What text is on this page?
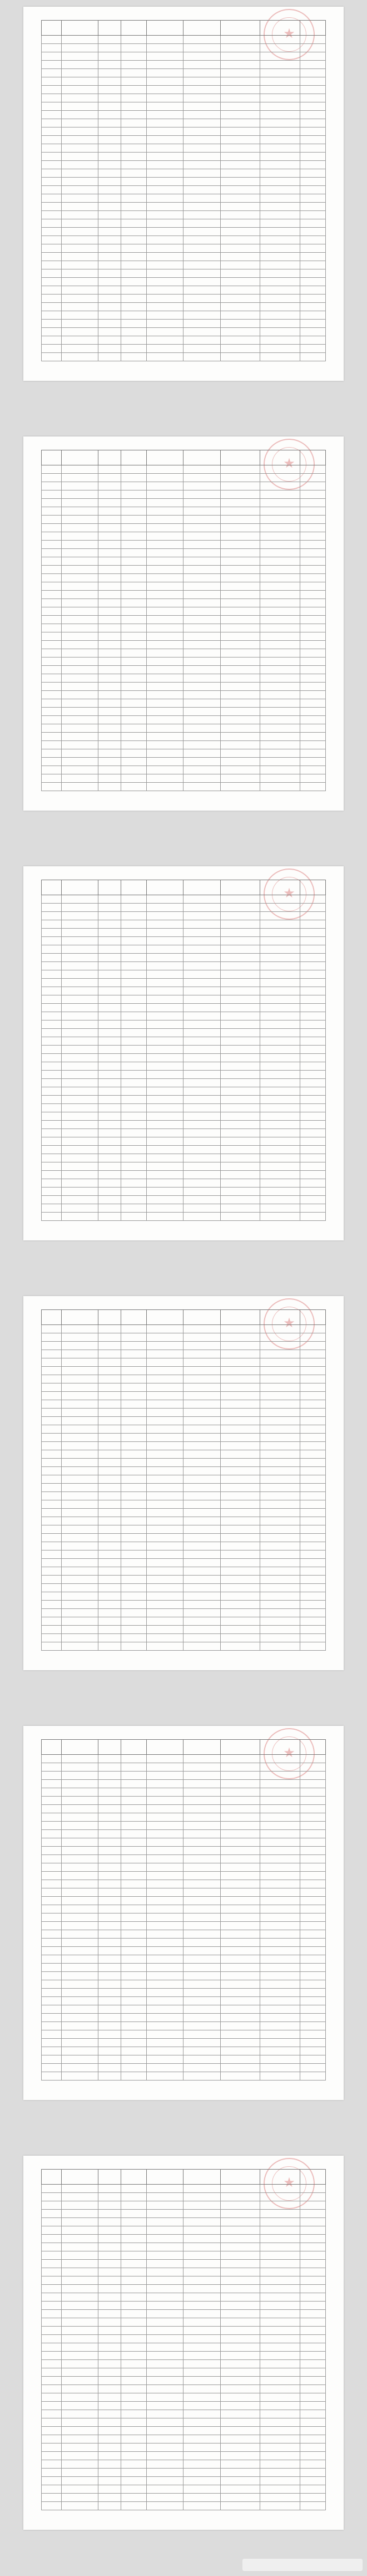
★

★

★

★

★

★
